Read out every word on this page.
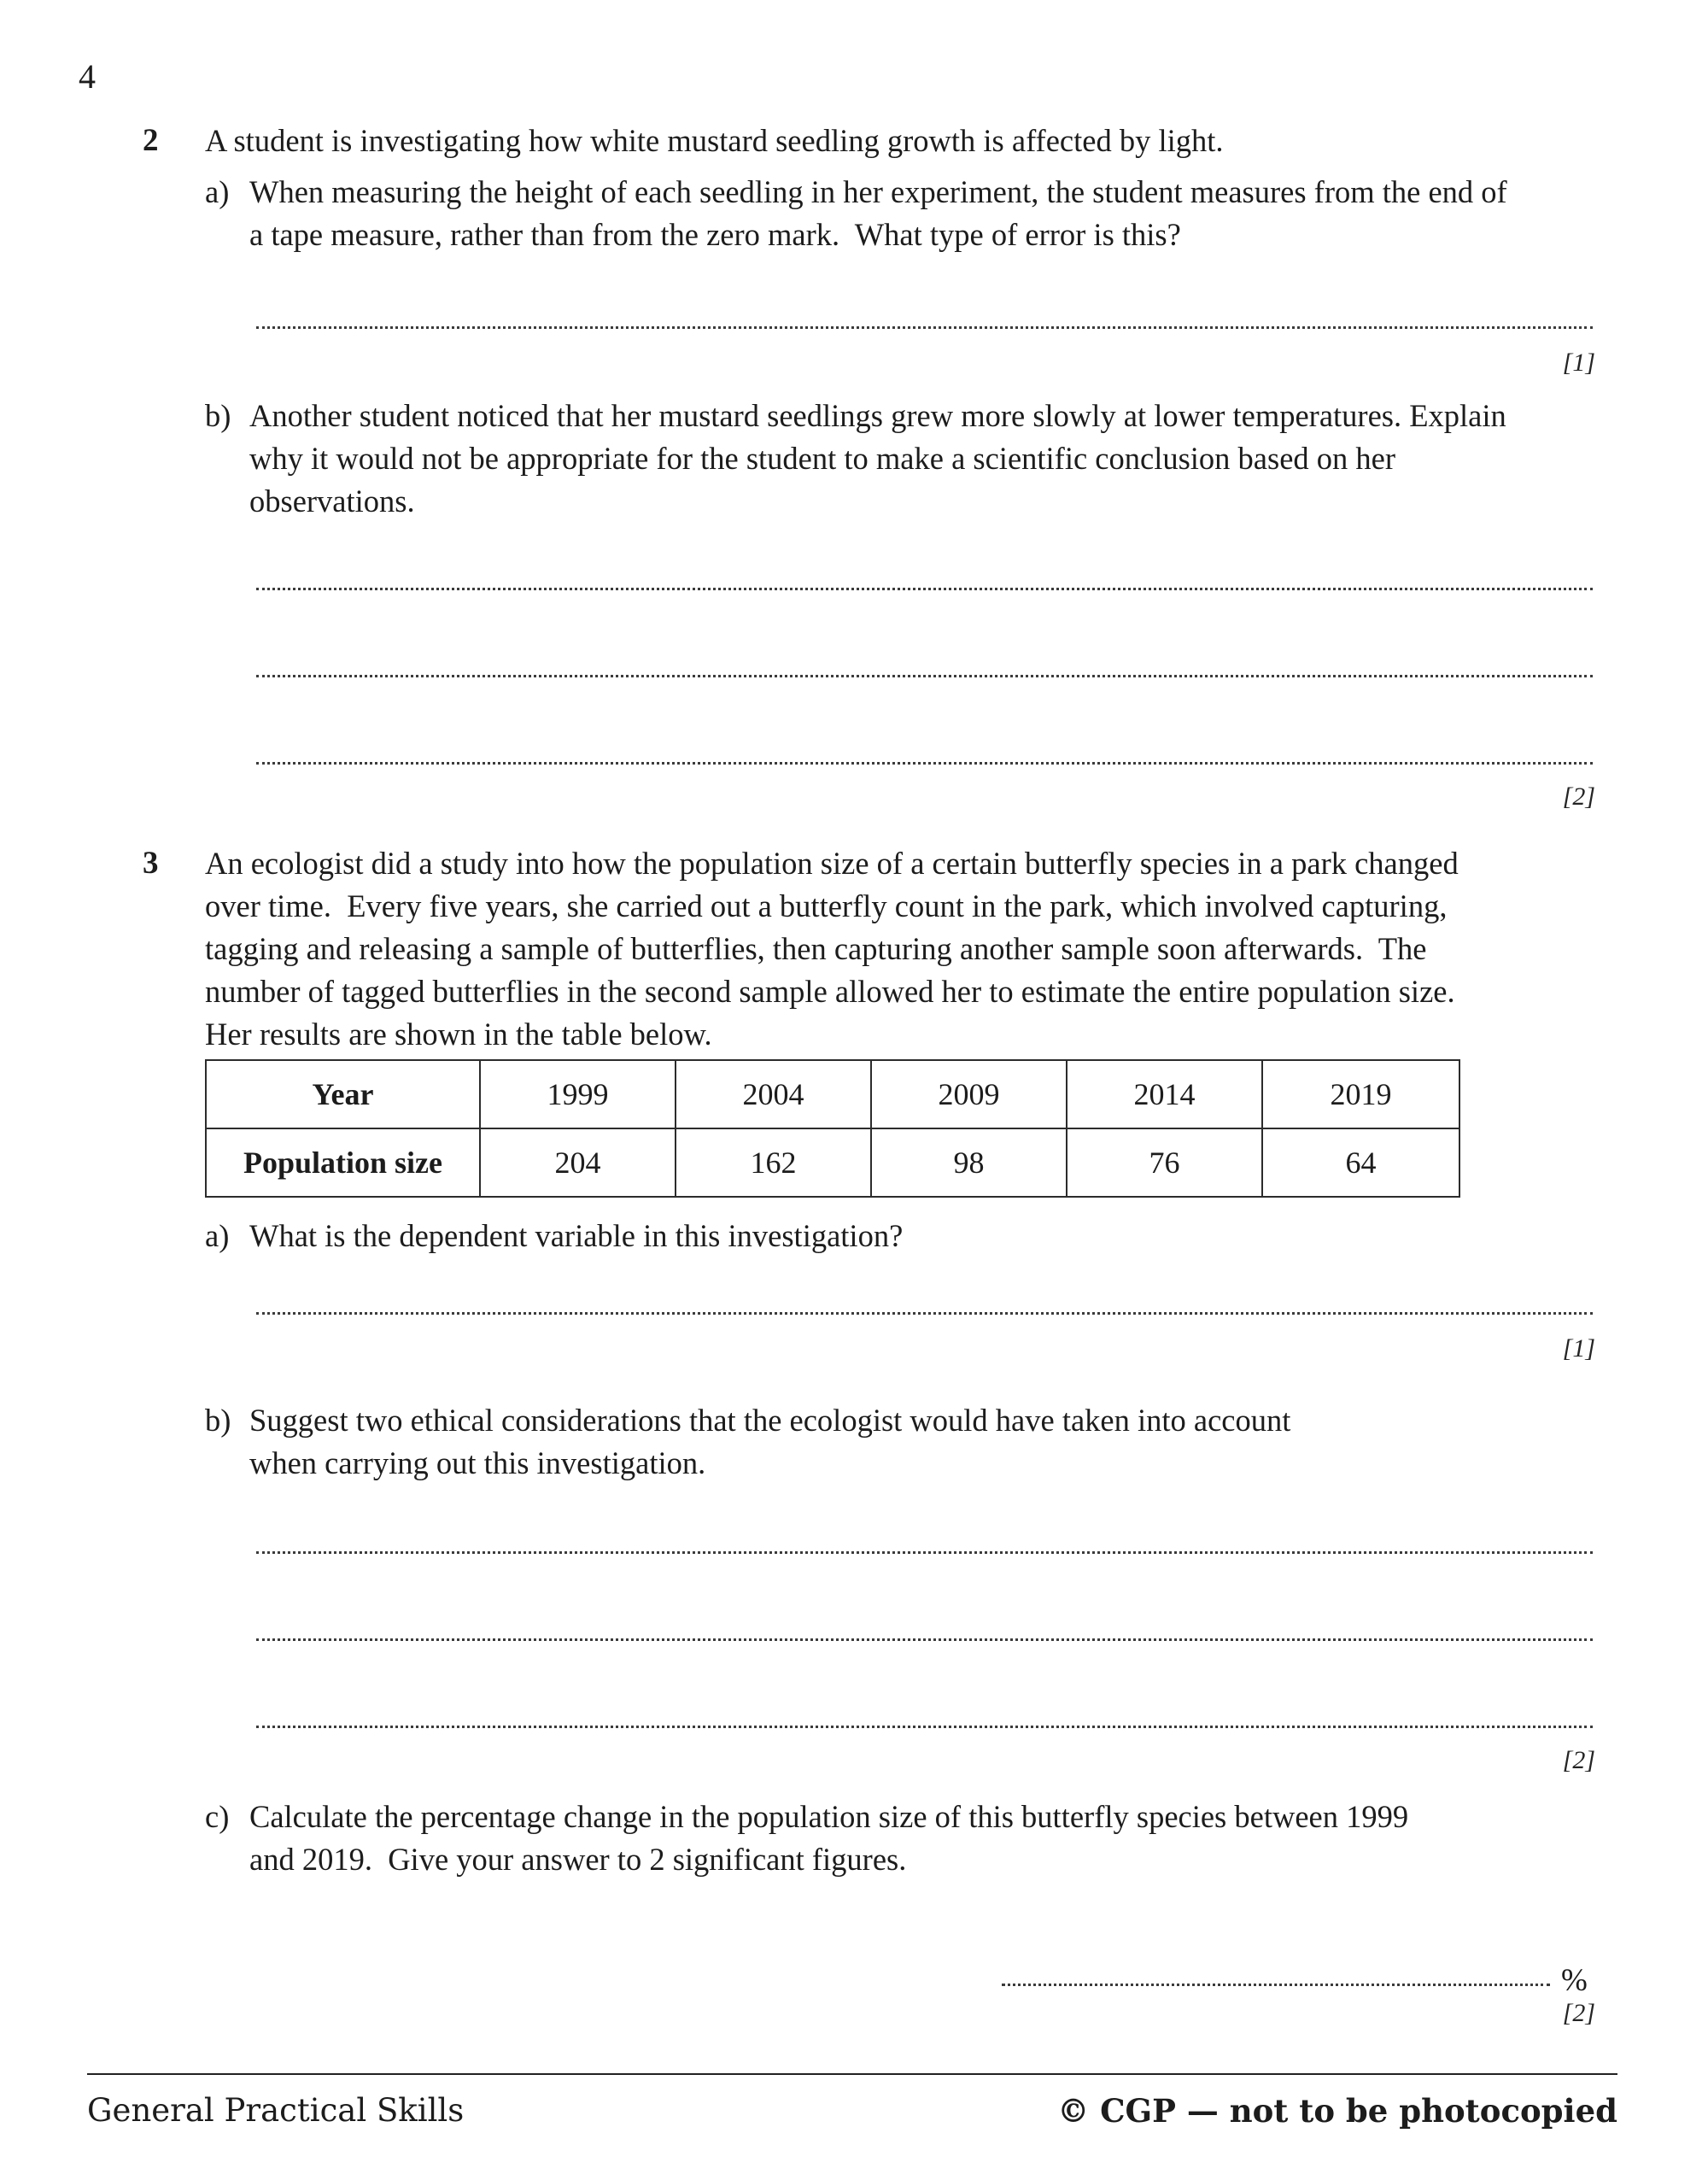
4
2 A student is investigating how white mustard seedling growth is affected by light.
a) When measuring the height of each seedling in her experiment, the student measures from the end of a tape measure, rather than from the zero mark.  What type of error is this?
[1]
b) Another student noticed that her mustard seedlings grew more slowly at lower temperatures. Explain why it would not be appropriate for the student to make a scientific conclusion based on her observations.
[2]
3 An ecologist did a study into how the population size of a certain butterfly species in a park changed over time.  Every five years, she carried out a butterfly count in the park, which involved capturing, tagging and releasing a sample of butterflies, then capturing another sample soon afterwards.  The number of tagged butterflies in the second sample allowed her to estimate the entire population size.  Her results are shown in the table below.
Year	1999	2004	2009	2014	2019
Population size	204	162	98	76	64
a) What is the dependent variable in this investigation?
[1]
b) Suggest two ethical considerations that the ecologist would have taken into account when carrying out this investigation.
[2]
c) Calculate the percentage change in the population size of this butterfly species between 1999 and 2019.  Give your answer to 2 significant figures.
%
[2]
General Practical Skills	© CGP — not to be photocopied
